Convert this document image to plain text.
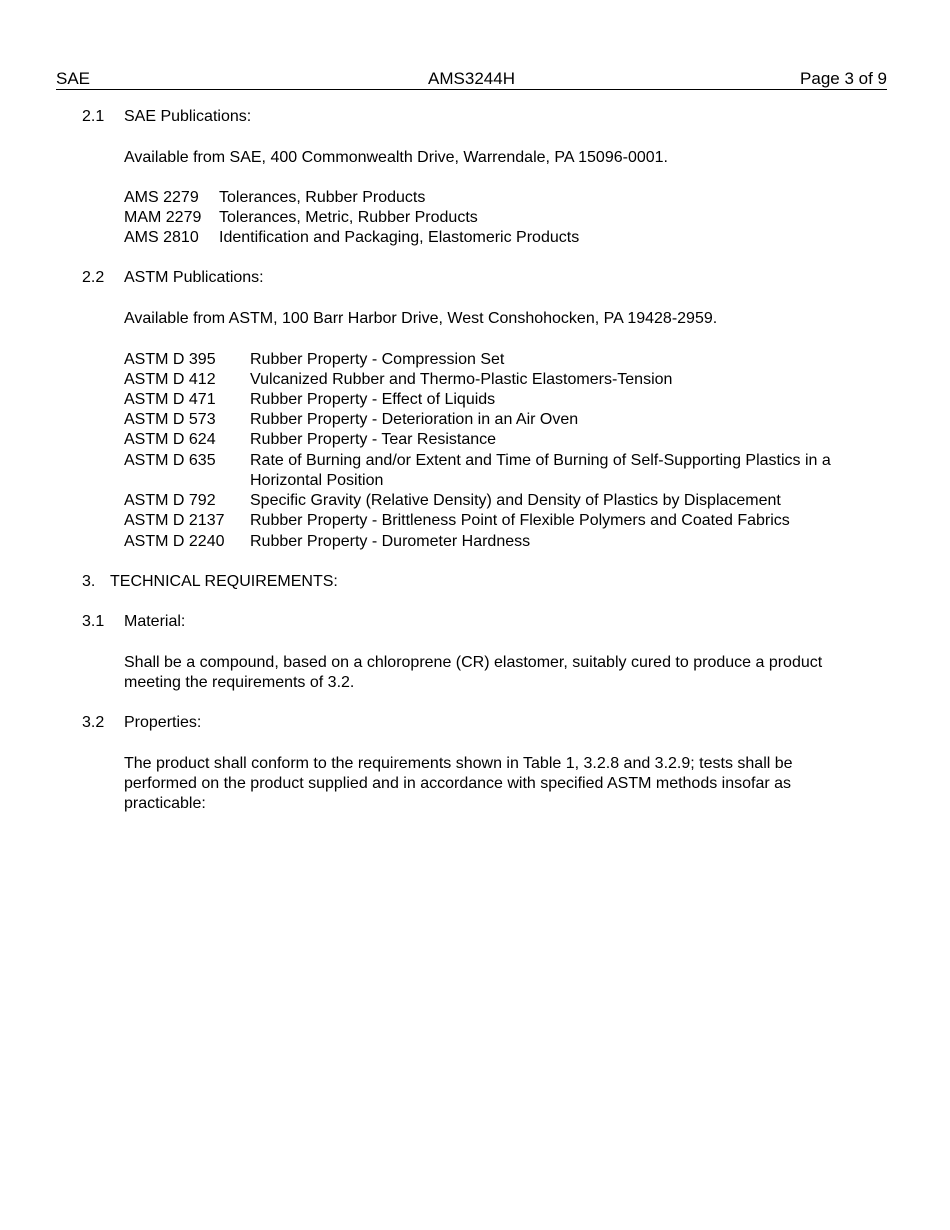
SAE	AMS3244H	Page 3 of 9
2.1 SAE Publications:
Available from SAE, 400 Commonwealth Drive, Warrendale, PA 15096-0001.
AMS 2279 Tolerances, Rubber Products
MAM 2279 Tolerances, Metric, Rubber Products
AMS 2810 Identification and Packaging, Elastomeric Products
2.2 ASTM Publications:
Available from ASTM, 100 Barr Harbor Drive, West Conshohocken, PA 19428-2959.
ASTM D 395 Rubber Property - Compression Set
ASTM D 412 Vulcanized Rubber and Thermo-Plastic Elastomers-Tension
ASTM D 471 Rubber Property - Effect of Liquids
ASTM D 573 Rubber Property - Deterioration in an Air Oven
ASTM D 624 Rubber Property - Tear Resistance
ASTM D 635 Rate of Burning and/or Extent and Time of Burning of Self-Supporting Plastics in a
Horizontal Position
ASTM D 792 Specific Gravity (Relative Density) and Density of Plastics by Displacement
ASTM D 2137 Rubber Property - Brittleness Point of Flexible Polymers and Coated Fabrics
ASTM D 2240 Rubber Property - Durometer Hardness
3. TECHNICAL REQUIREMENTS:
3.1 Material:
Shall be a compound, based on a chloroprene (CR) elastomer, suitably cured to produce a product
meeting the requirements of 3.2.
3.2 Properties:
The product shall conform to the requirements shown in Table 1, 3.2.8 and 3.2.9; tests shall be
performed on the product supplied and in accordance with specified ASTM methods insofar as
practicable:
